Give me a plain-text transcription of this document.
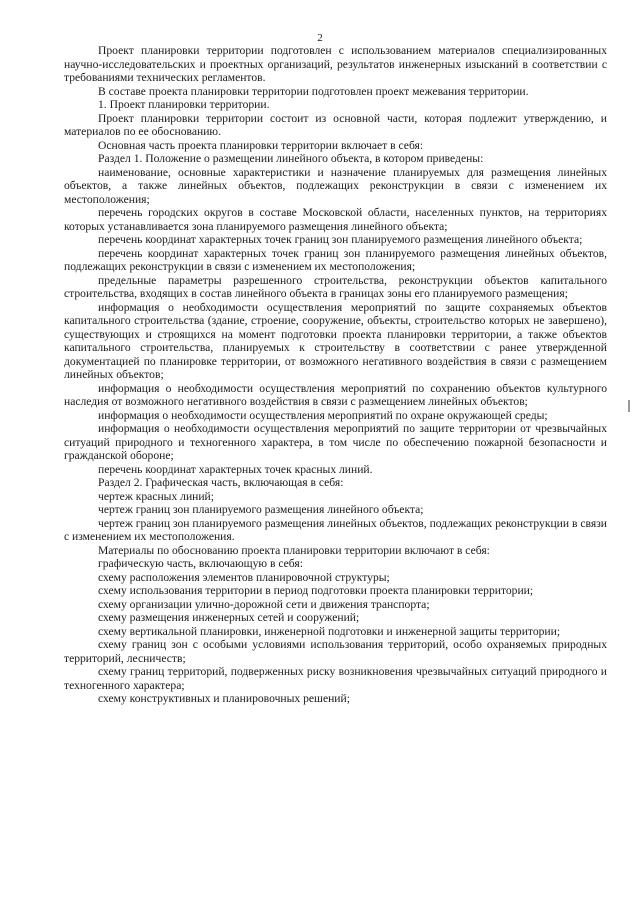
2

Проект планировки территории подготовлен с использованием материалов специализированных научно-исследовательских и проектных организаций, результатов инженерных изысканий в соответствии с требованиями технических регламентов.

В составе проекта планировки территории подготовлен проект межевания территории.

1. Проект планировки территории.

Проект планировки территории состоит из основной части, которая подлежит утверждению, и материалов по ее обоснованию.

Основная часть проекта планировки территории включает в себя:

Раздел 1. Положение о размещении линейного объекта, в котором приведены:

наименование, основные характеристики и назначение планируемых для размещения линейных объектов, а также линейных объектов, подлежащих реконструкции в связи с изменением их местоположения;

перечень городских округов в составе Московской области, населенных пунктов, на территориях которых устанавливается зона планируемого размещения линейного объекта;

перечень координат характерных точек границ зон планируемого размещения линейного объекта;

перечень координат характерных точек границ зон планируемого размещения линейных объектов, подлежащих реконструкции в связи с изменением их местоположения;

предельные параметры разрешенного строительства, реконструкции объектов капитального строительства, входящих в состав линейного объекта в границах зоны его планируемого размещения;

информация о необходимости осуществления мероприятий по защите сохраняемых объектов капитального строительства (здание, строение, сооружение, объекты, строительство которых не завершено), существующих и строящихся на момент подготовки проекта планировки территории, а также объектов капитального строительства, планируемых к строительству в соответствии с ранее утвержденной документацией по планировке территории, от возможного негативного воздействия в связи с размещением линейных объектов;

информация о необходимости осуществления мероприятий по сохранению объектов культурного наследия от возможного негативного воздействия в связи с размещением линейных объектов;

информация о необходимости осуществления мероприятий по охране окружающей среды;

информация о необходимости осуществления мероприятий по защите территории от чрезвычайных ситуаций природного и техногенного характера, в том числе по обеспечению пожарной безопасности и гражданской обороне;

перечень координат характерных точек красных линий.

Раздел 2. Графическая часть, включающая в себя:

чертеж красных линий;

чертеж границ зон планируемого размещения линейного объекта;

чертеж границ зон планируемого размещения линейных объектов, подлежащих реконструкции в связи с изменением их местоположения.

Материалы по обоснованию проекта планировки территории включают в себя:

графическую часть, включающую в себя:

схему расположения элементов планировочной структуры;

схему использования территории в период подготовки проекта планировки территории;

схему организации улично-дорожной сети и движения транспорта;

схему размещения инженерных сетей и сооружений;

схему вертикальной планировки, инженерной подготовки и инженерной защиты территории;

схему границ зон с особыми условиями использования территорий, особо охраняемых природных территорий, лесничеств;

схему границ территорий, подверженных риску возникновения чрезвычайных ситуаций природного и техногенного характера;

схему конструктивных и планировочных решений;
